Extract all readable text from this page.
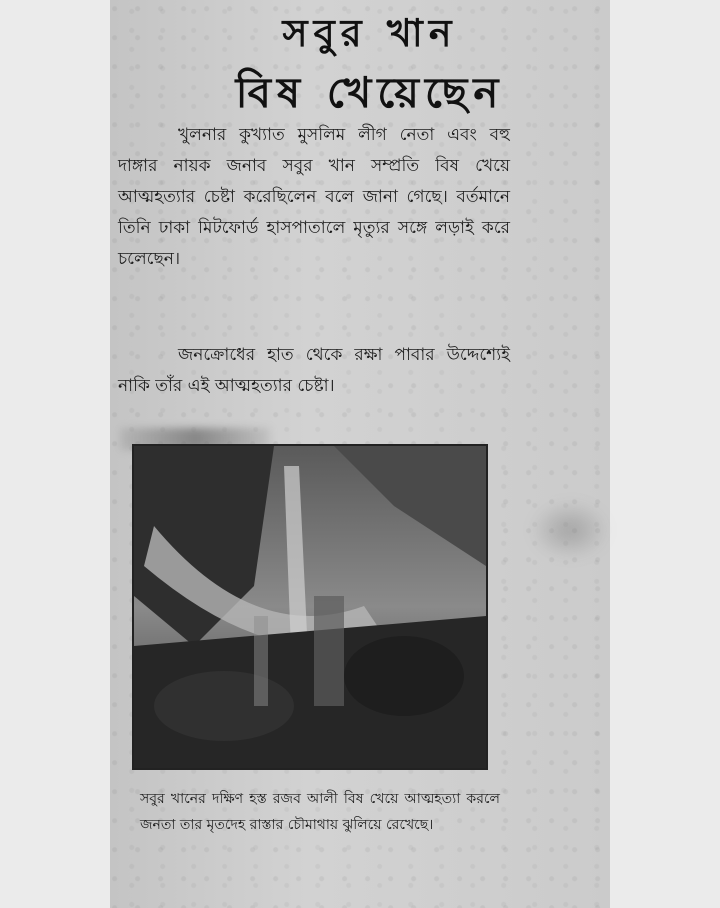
সবুর খান
বিষ খেয়েছেন

খুলনার কুখ্যাত মুসলিম লীগ নেতা এবং বহু দাঙ্গার নায়ক জনাব সবুর খান সম্প্রতি বিষ খেয়ে আত্মহত্যার চেষ্টা করেছিলেন বলে জানা গেছে। বর্তমানে তিনি ঢাকা মিটফোর্ড হাসপাতালে মৃত্যুর সঙ্গে লড়াই করে চলেছেন।

জনক্রোধের হাত থেকে রক্ষা পাবার উদ্দেশ্যেই নাকি তাঁর এই আত্মহত্যার চেষ্টা।

সবুর খানের দক্ষিণ হস্ত রজব আলী বিষ খেয়ে আত্মহত্যা করলে জনতা তার মৃতদেহ রাস্তার চৌমাথায় ঝুলিয়ে রেখেছে।
